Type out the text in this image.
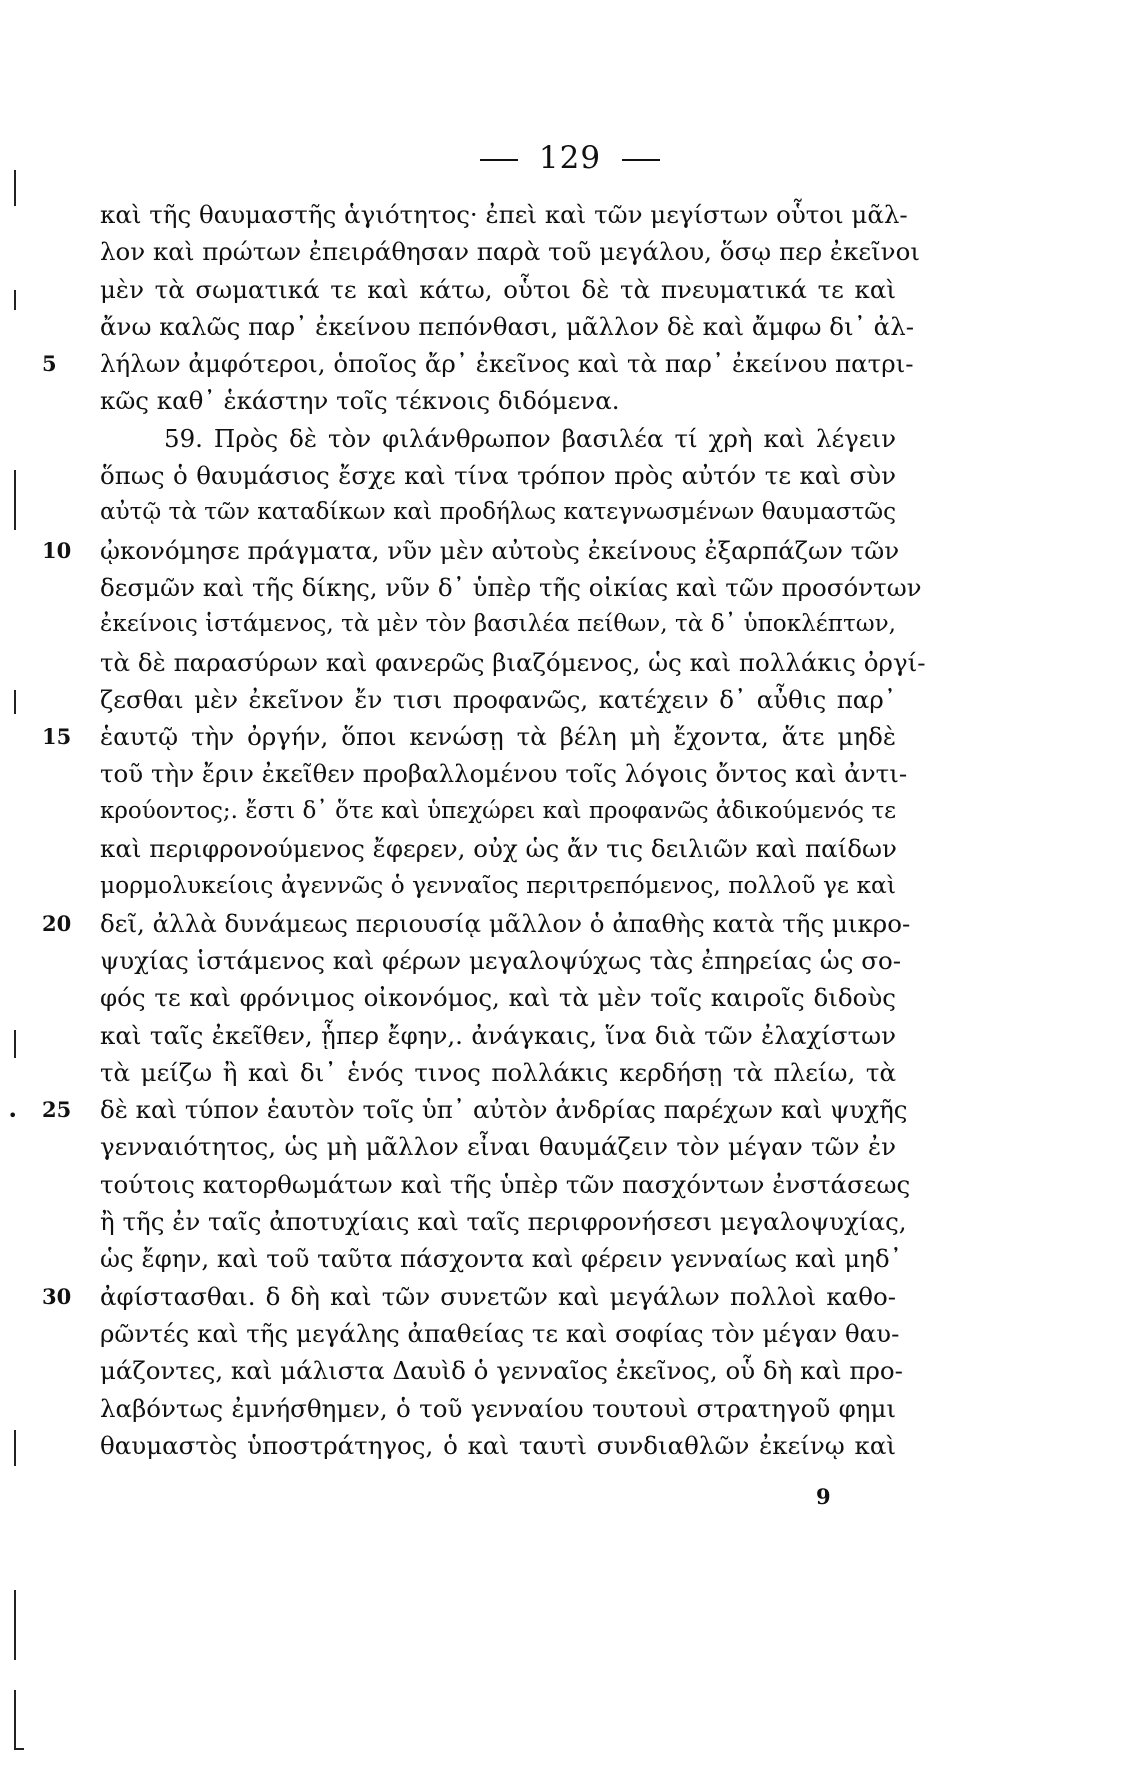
129
καὶ τῆς θαυμαστῆς ἁγιότητος· ἐπεὶ καὶ τῶν μεγίστων οὗτοι μᾶλ-
λον καὶ πρώτων ἐπειράθησαν παρὰ τοῦ μεγάλου, ὅσῳ περ ἐκεῖνοι
μὲν τὰ σωματικά τε καὶ κάτω, οὗτοι δὲ τὰ πνευματικά τε καὶ
ἄνω καλῶς παρ᾽ ἐκείνου πεπόνθασι, μᾶλλον δὲ καὶ ἄμφω δι᾽ ἀλ-
5	λήλων ἀμφότεροι, ὁποῖος ἄρ᾽ ἐκεῖνος καὶ τὰ παρ᾽ ἐκείνου πατρι-
κῶς καθ᾽ ἑκάστην τοῖς τέκνοις διδόμενα.
59. Πρὸς δὲ τὸν φιλάνθρωπον βασιλέα τί χρὴ καὶ λέγειν
ὅπως ὁ θαυμάσιος ἔσχε καὶ τίνα τρόπον πρὸς αὐτόν τε καὶ σὺν
αὐτῷ τὰ τῶν καταδίκων καὶ προδήλως κατεγνωσμένων θαυμαστῶς
10	ᾠκονόμησε πράγματα, νῦν μὲν αὐτοὺς ἐκείνους ἐξαρπάζων τῶν
δεσμῶν καὶ τῆς δίκης, νῦν δ᾽ ὑπὲρ τῆς οἰκίας καὶ τῶν προσόντων
ἐκείνοις ἱστάμενος, τὰ μὲν τὸν βασιλέα πείθων, τὰ δ᾽ ὑποκλέπτων,
τὰ δὲ παρασύρων καὶ φανερῶς βιαζόμενος, ὡς καὶ πολλάκις ὀργί-
ζεσθαι μὲν ἐκεῖνον ἔν τισι προφανῶς, κατέχειν δ᾽ αὖθις παρ᾽
15	ἑαυτῷ τὴν ὀργήν, ὅποι κενώσῃ τὰ βέλη μὴ ἔχοντα, ἅτε μηδὲ
τοῦ τὴν ἔριν ἐκεῖθεν προβαλλομένου τοῖς λόγοις ὄντος καὶ ἀντι-
κρούοντος;. ἔστι δ᾽ ὅτε καὶ ὑπεχώρει καὶ προφανῶς ἀδικούμενός τε
καὶ περιφρονούμενος ἔφερεν, οὐχ ὡς ἄν τις δειλιῶν καὶ παίδων
μορμολυκείοις ἀγεννῶς ὁ γενναῖος περιτρεπόμενος, πολλοῦ γε καὶ
20	δεῖ, ἀλλὰ δυνάμεως περιουσίᾳ μᾶλλον ὁ ἀπαθὴς κατὰ τῆς μικρο-
ψυχίας ἱστάμενος καὶ φέρων μεγαλοψύχως τὰς ἐπηρείας ὡς σο-
φός τε καὶ φρόνιμος οἰκονόμος, καὶ τὰ μὲν τοῖς καιροῖς διδοὺς
καὶ ταῖς ἐκεῖθεν, ᾗπερ ἔφην,. ἀνάγκαις, ἵνα διὰ τῶν ἐλαχίστων
τὰ μείζω ἢ καὶ δι᾽ ἑνός τινος πολλάκις κερδήσῃ τὰ πλείω, τὰ
25	δὲ καὶ τύπον ἑαυτὸν τοῖς ὑπ᾽ αὐτὸν ἀνδρίας παρέχων καὶ ψυχῆς
γενναιότητος, ὡς μὴ μᾶλλον εἶναι θαυμάζειν τὸν μέγαν τῶν ἐν
τούτοις κατορθωμάτων καὶ τῆς ὑπὲρ τῶν πασχόντων ἐνστάσεως
ἢ τῆς ἐν ταῖς ἀποτυχίαις καὶ ταῖς περιφρονήσεσι μεγαλοψυχίας,
ὡς ἔφην, καὶ τοῦ ταῦτα πάσχοντα καὶ φέρειν γενναίως καὶ μηδ᾽
30	ἀφίστασθαι. δ δὴ καὶ τῶν συνετῶν καὶ μεγάλων πολλοὶ καθο-
ρῶντές καὶ τῆς μεγάλης ἀπαθείας τε καὶ σοφίας τὸν μέγαν θαυ-
μάζοντες, καὶ μάλιστα Δαυὶδ ὁ γενναῖος ἐκεῖνος, οὗ δὴ καὶ προ-
λαβόντως ἐμνήσθημεν, ὁ τοῦ γενναίου τουτουὶ στρατηγοῦ φημι
θαυμαστὸς ὑποστράτηγος, ὁ καὶ ταυτὶ συνδιαθλῶν ἐκείνῳ καὶ
9
•
